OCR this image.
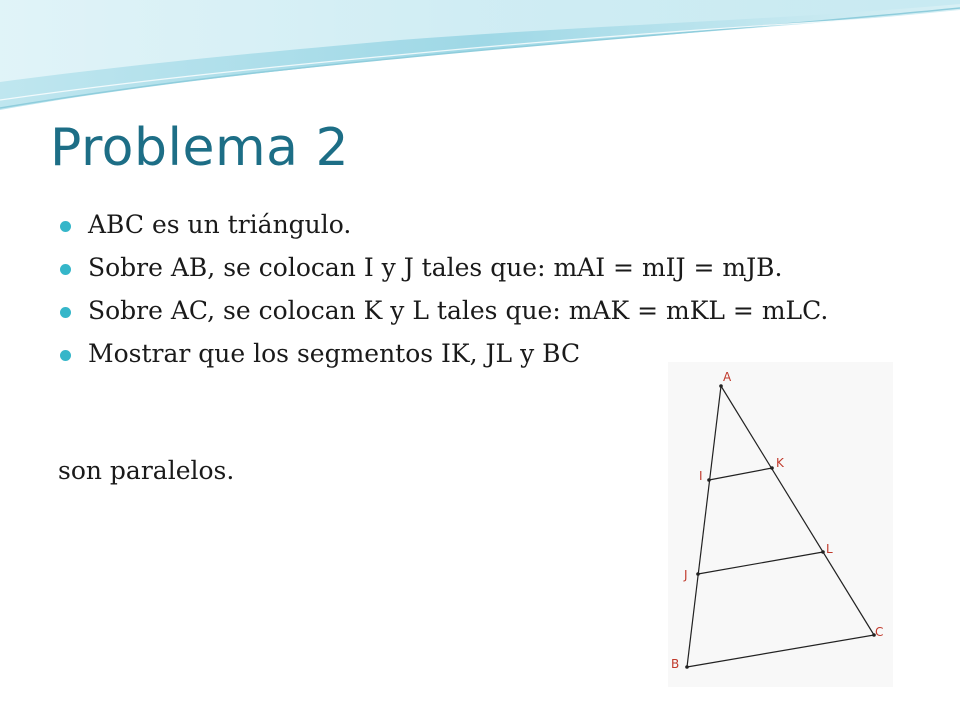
Problema 2
ABC es un triángulo.
Sobre AB, se colocan I y J tales que: mAI = mIJ = mJB.
Sobre AC, se colocan K y L tales que: mAK = mKL = mLC.
Mostrar que los segmentos IK, JL y BC
son paralelos.
A
B
C
I
J
K
L
